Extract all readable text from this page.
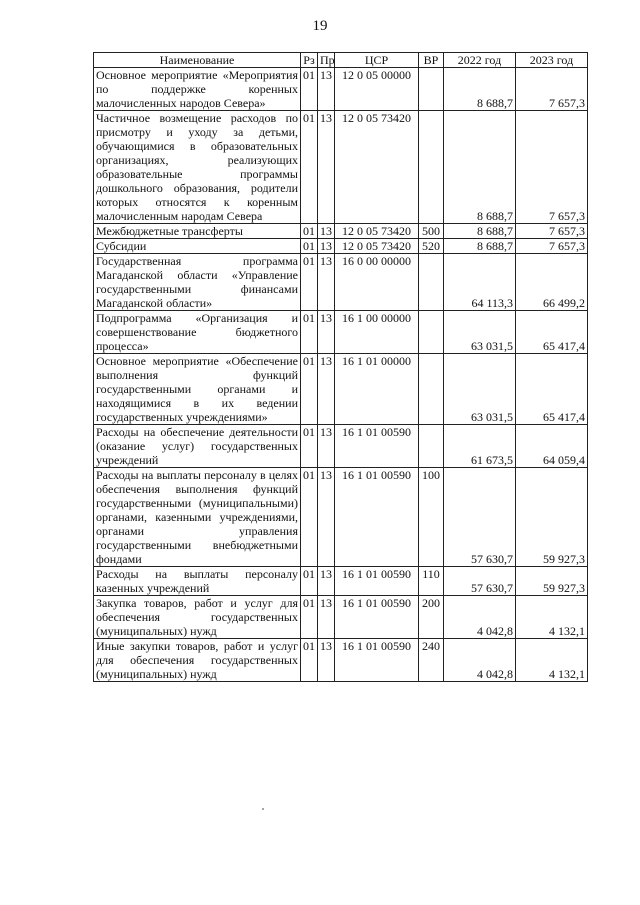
19
Наименование	Рз	Пр	ЦСР	ВР	2022 год	2023 год
Основное мероприятие «Мероприятия по поддержке коренных малочисленных народов Севера»	01	13	12 0 05 00000		8 688,7	7 657,3
Частичное возмещение расходов по присмотру и уходу за детьми, обучающимися в образовательных организациях, реализующих образовательные программы дошкольного образования, родители которых относятся к коренным малочисленным народам Севера	01	13	12 0 05 73420		8 688,7	7 657,3
Межбюджетные трансферты	01	13	12 0 05 73420	500	8 688,7	7 657,3
Субсидии	01	13	12 0 05 73420	520	8 688,7	7 657,3
Государственная программа Магаданской области «Управление государственными финансами Магаданской области»	01	13	16 0 00 00000		64 113,3	66 499,2
Подпрограмма «Организация и совершенствование бюджетного процесса»	01	13	16 1 00 00000		63 031,5	65 417,4
Основное мероприятие «Обеспечение выполнения функций государственными органами и находящимися в их ведении государственных учреждениями»	01	13	16 1 01 00000		63 031,5	65 417,4
Расходы на обеспечение деятельности (оказание услуг) государственных учреждений	01	13	16 1 01 00590		61 673,5	64 059,4
Расходы на выплаты персоналу в целях обеспечения выполнения функций государственными (муниципальными) органами, казенными учреждениями, органами управления государственными внебюджетными фондами	01	13	16 1 01 00590	100	57 630,7	59 927,3
Расходы на выплаты персоналу казенных учреждений	01	13	16 1 01 00590	110	57 630,7	59 927,3
Закупка товаров, работ и услуг для обеспечения государственных (муниципальных) нужд	01	13	16 1 01 00590	200	4 042,8	4 132,1
Иные закупки товаров, работ и услуг для обеспечения государственных (муниципальных) нужд	01	13	16 1 01 00590	240	4 042,8	4 132,1
